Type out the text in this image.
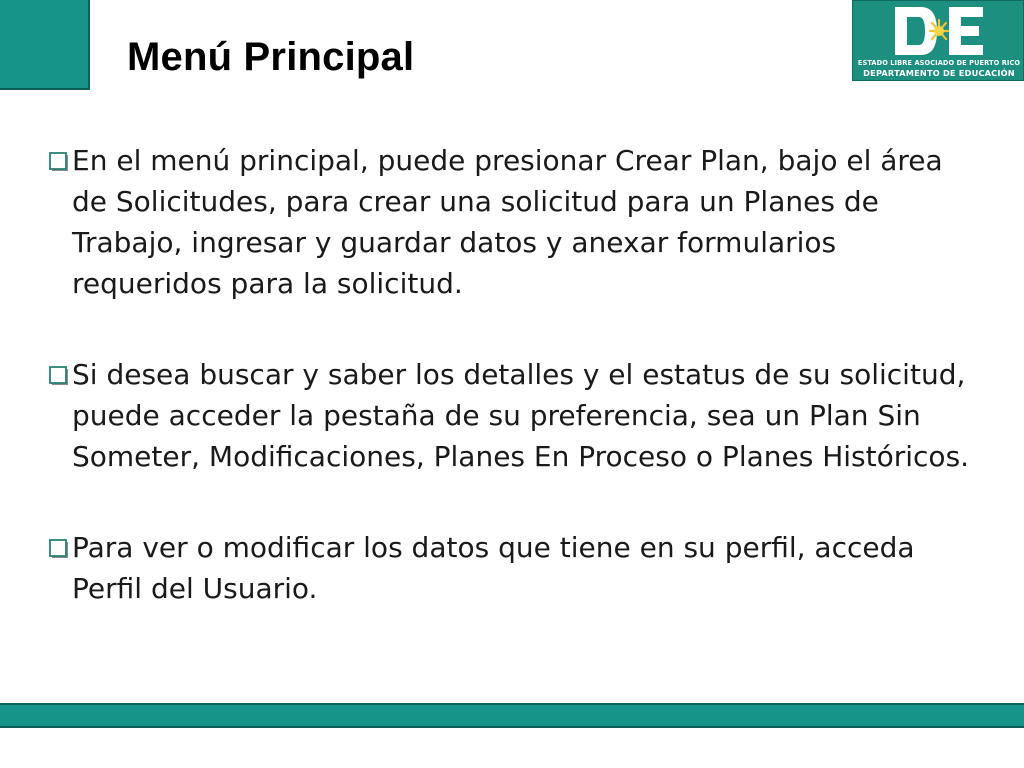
Menú Principal	ESTADO LIBRE ASOCIADO DE PUERTO RICO
DEPARTAMENTO DE EDUCACIÓN
En el menú principal, puede presionar Crear Plan, bajo el área de Solicitudes, para crear una solicitud para un Planes de Trabajo, ingresar y guardar datos y anexar formularios requeridos para la solicitud.
Si desea buscar y saber los detalles y el estatus de su solicitud, puede acceder la pestaña de su preferencia, sea un Plan Sin Someter, Modificaciones, Planes En Proceso o Planes Históricos.
Para ver o modificar los datos que tiene en su perfil, acceda Perfil del Usuario.
